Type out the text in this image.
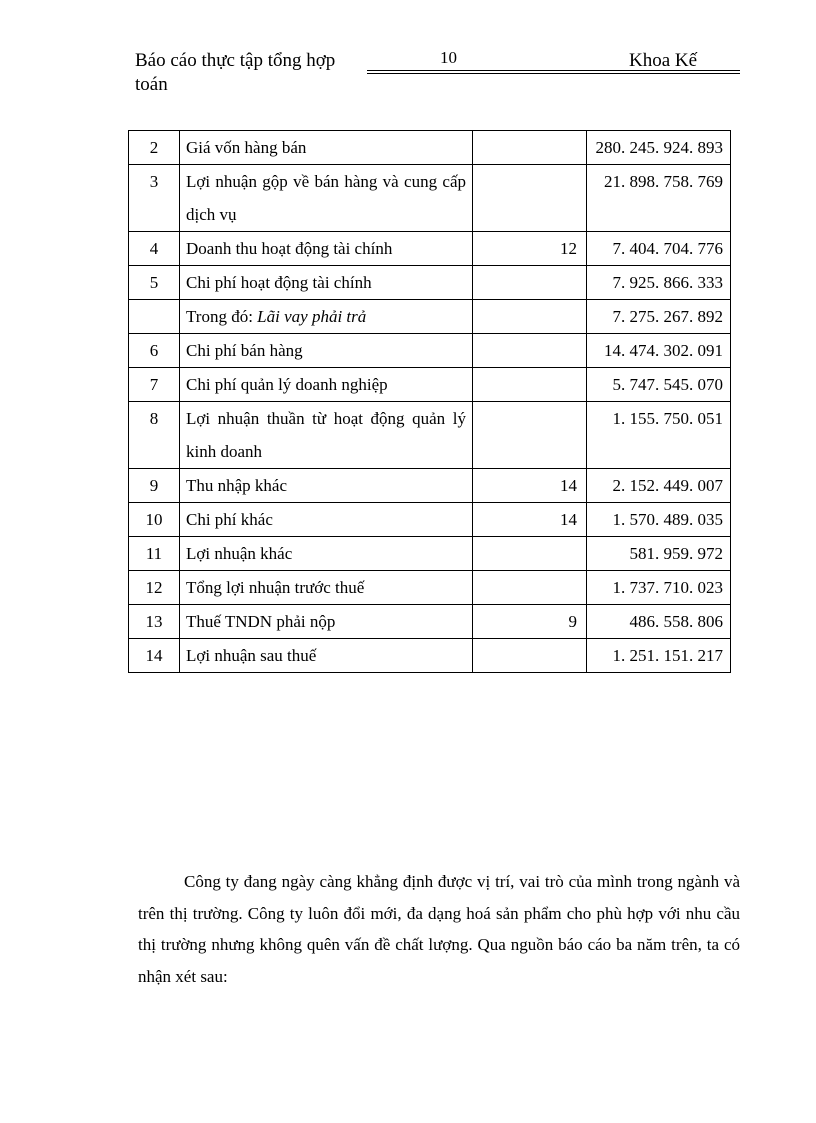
Báo cáo thực tập tổng hợp	10	Khoa Kế
toán
2	Giá vốn hàng bán		280. 245. 924. 893
3	Lợi nhuận gộp về bán hàng và cung cấp dịch vụ		21. 898. 758. 769
4	Doanh thu hoạt động tài chính	12	7. 404. 704. 776
5	Chi phí hoạt động tài chính		7. 925. 866. 333
	Trong đó: Lãi vay phải trả		7. 275. 267. 892
6	Chi phí bán hàng		14. 474. 302. 091
7	Chi phí quản lý doanh nghiệp		5. 747. 545. 070
8	Lợi nhuận thuần từ hoạt động quản lý kinh doanh		1. 155. 750. 051
9	Thu nhập khác	14	2. 152. 449. 007
10	Chi phí khác	14	1. 570. 489. 035
11	Lợi nhuận khác		581. 959. 972
12	Tổng lợi nhuận trước thuế		1. 737. 710. 023
13	Thuế TNDN phải nộp	9	486. 558. 806
14	Lợi nhuận sau thuế		1. 251. 151. 217

Công ty đang ngày càng khẳng định được vị trí, vai trò của mình trong ngành và trên thị trường. Công ty luôn đổi mới, đa dạng hoá sản phẩm cho phù hợp với nhu cầu thị trường nhưng không quên vấn đề chất lượng. Qua nguồn báo cáo ba năm trên, ta có nhận xét sau:
